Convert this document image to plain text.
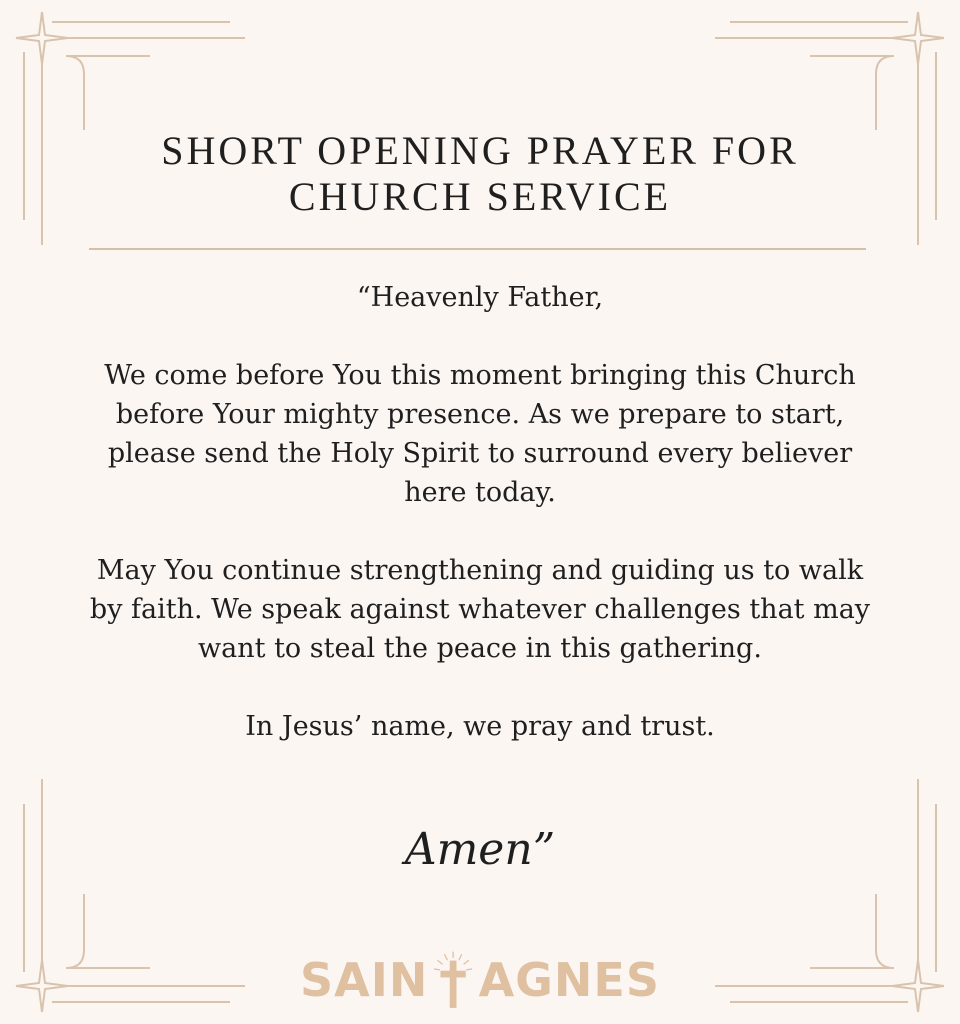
SHORT OPENING PRAYER FOR
CHURCH SERVICE

“Heavenly Father,

We come before You this moment bringing this Church
before Your mighty presence. As we prepare to start,
please send the Holy Spirit to surround every believer
here today.

May You continue strengthening and guiding us to walk
by faith. We speak against whatever challenges that may
want to steal the peace in this gathering.

In Jesus’ name, we pray and trust.

Amen”
SAIN AGNES
